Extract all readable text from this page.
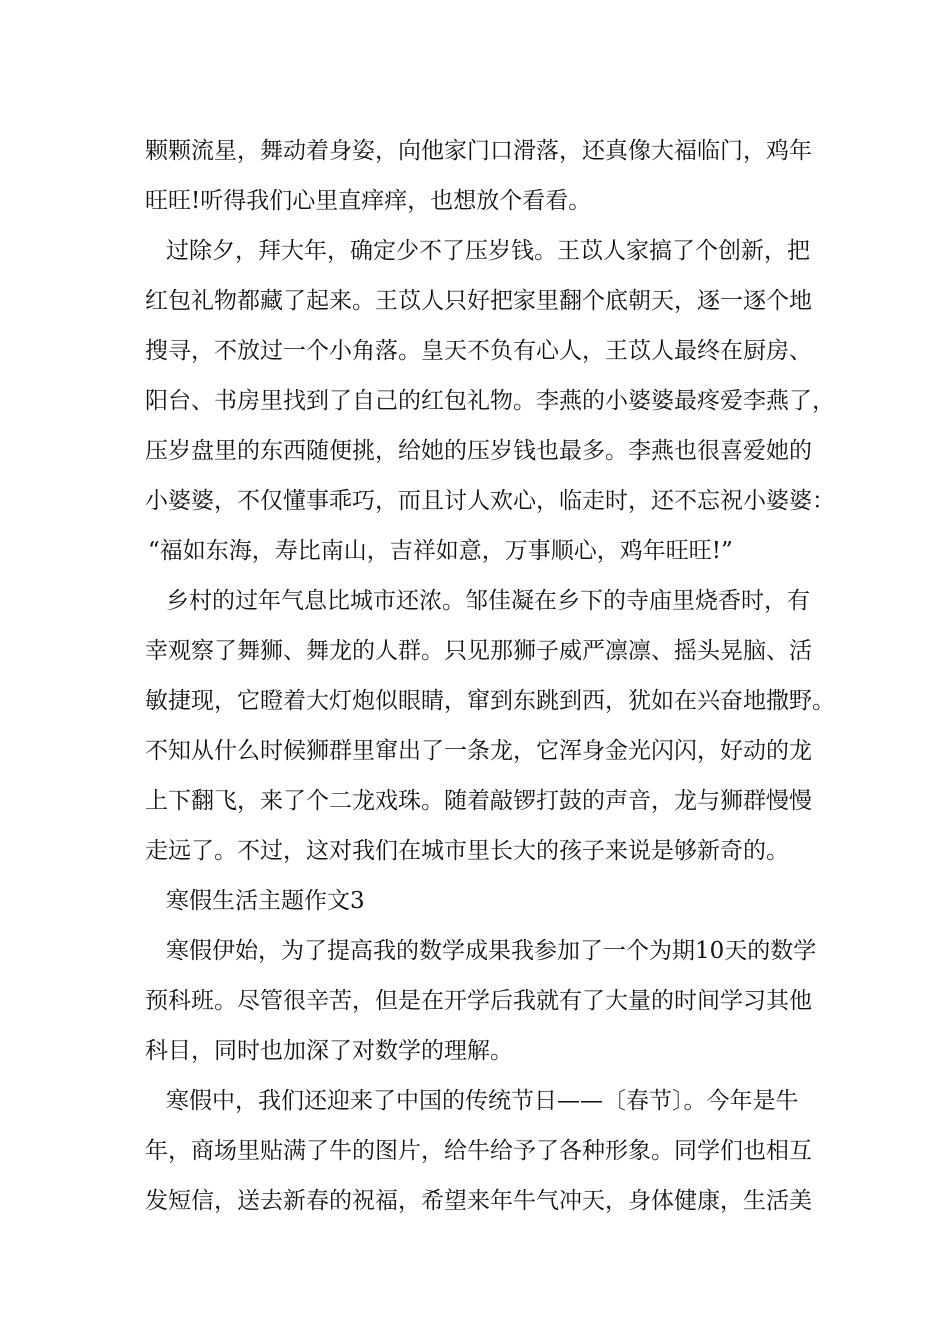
颗颗流星，舞动着身姿，向他家门口滑落，还真像大福临门，鸡年
旺旺!听得我们心里直痒痒，也想放个看看。
过除夕，拜大年，确定少不了压岁钱。王苡人家搞了个创新，把
红包礼物都藏了起来。王苡人只好把家里翻个底朝天，逐一逐个地
搜寻，不放过一个小角落。皇天不负有心人，王苡人最终在厨房、
阳台、书房里找到了自己的红包礼物。李燕的小婆婆最疼爱李燕了，
压岁盘里的东西随便挑，给她的压岁钱也最多。李燕也很喜爱她的
小婆婆，不仅懂事乖巧，而且讨人欢心，临走时，还不忘祝小婆婆：
“福如东海，寿比南山，吉祥如意，万事顺心，鸡年旺旺!”
乡村的过年气息比城市还浓。邹佳凝在乡下的寺庙里烧香时，有
幸观察了舞狮、舞龙的人群。只见那狮子威严凛凛、摇头晃脑、活
敏捷现，它瞪着大灯炮似眼睛，窜到东跳到西，犹如在兴奋地撒野。
不知从什么时候狮群里窜出了一条龙，它浑身金光闪闪，好动的龙
上下翻飞，来了个二龙戏珠。随着敲锣打鼓的声音，龙与狮群慢慢
走远了。不过，这对我们在城市里长大的孩子来说是够新奇的。
寒假生活主题作文3
寒假伊始，为了提高我的数学成果我参加了一个为期10天的数学
预科班。尽管很辛苦，但是在开学后我就有了大量的时间学习其他
科目，同时也加深了对数学的理解。
寒假中，我们还迎来了中国的传统节日——〔春节〕。今年是牛
年，商场里贴满了牛的图片，给牛给予了各种形象。同学们也相互
发短信，送去新春的祝福，希望来年牛气冲天，身体健康，生活美
